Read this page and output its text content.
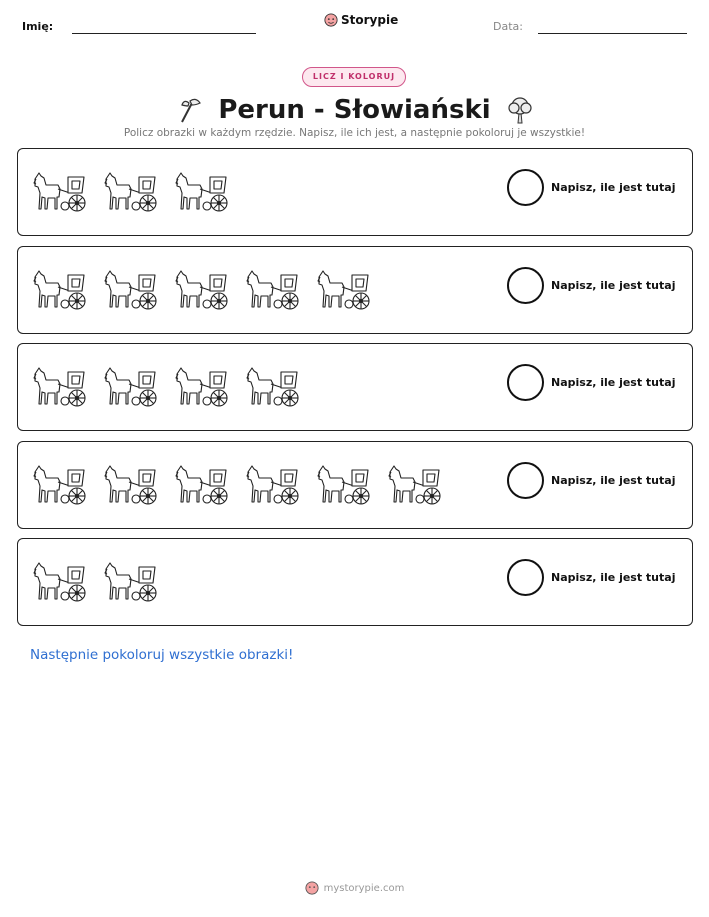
Imię:	Storypie	Data:
LICZ I KOLORUJ
Perun - Słowiański
Policz obrazki w każdym rzędzie. Napisz, ile ich jest, a następnie pokoloruj je wszystkie!
Napisz, ile jest tutaj
Napisz, ile jest tutaj
Napisz, ile jest tutaj
Napisz, ile jest tutaj
Napisz, ile jest tutaj
Następnie pokoloruj wszystkie obrazki!
mystorypie.com
